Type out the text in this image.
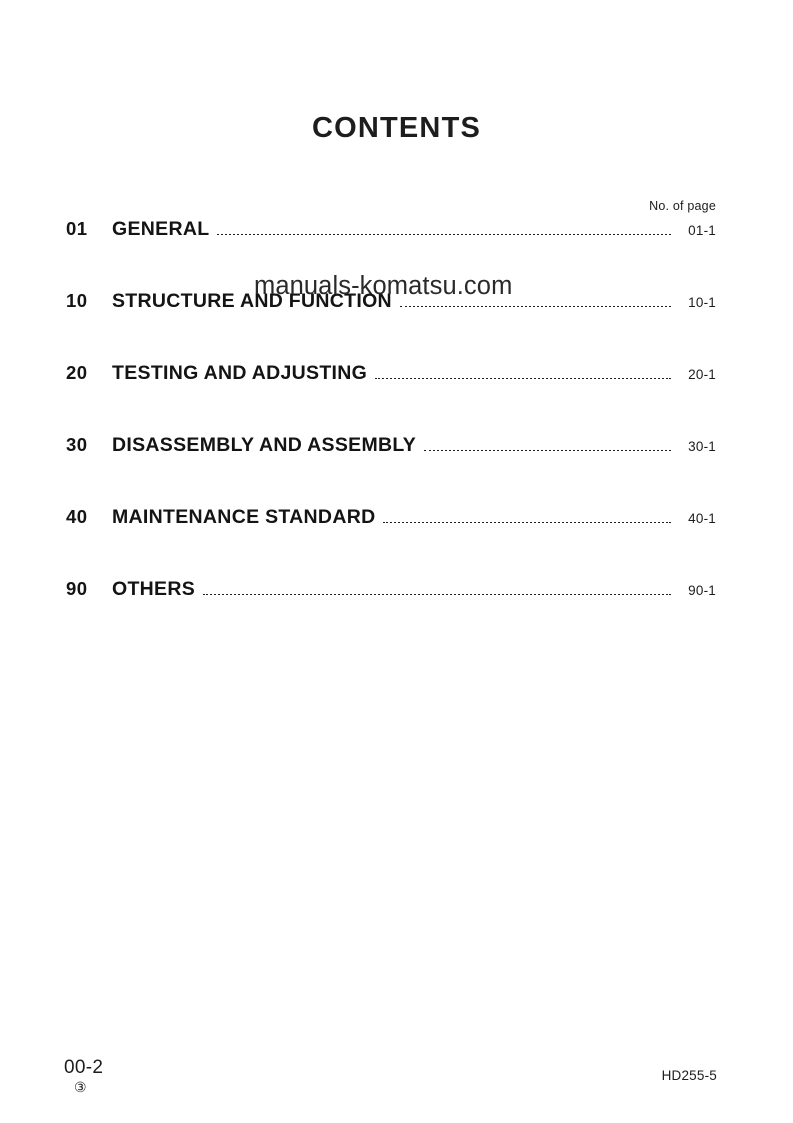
CONTENTS
No. of page
01	GENERAL	01-1
10	STRUCTURE AND FUNCTION	10-1
20	TESTING AND ADJUSTING	20-1
30	DISASSEMBLY AND ASSEMBLY	30-1
40	MAINTENANCE STANDARD	40-1
90	OTHERS	90-1
manuals-komatsu.com
00-2
③
HD255-5
